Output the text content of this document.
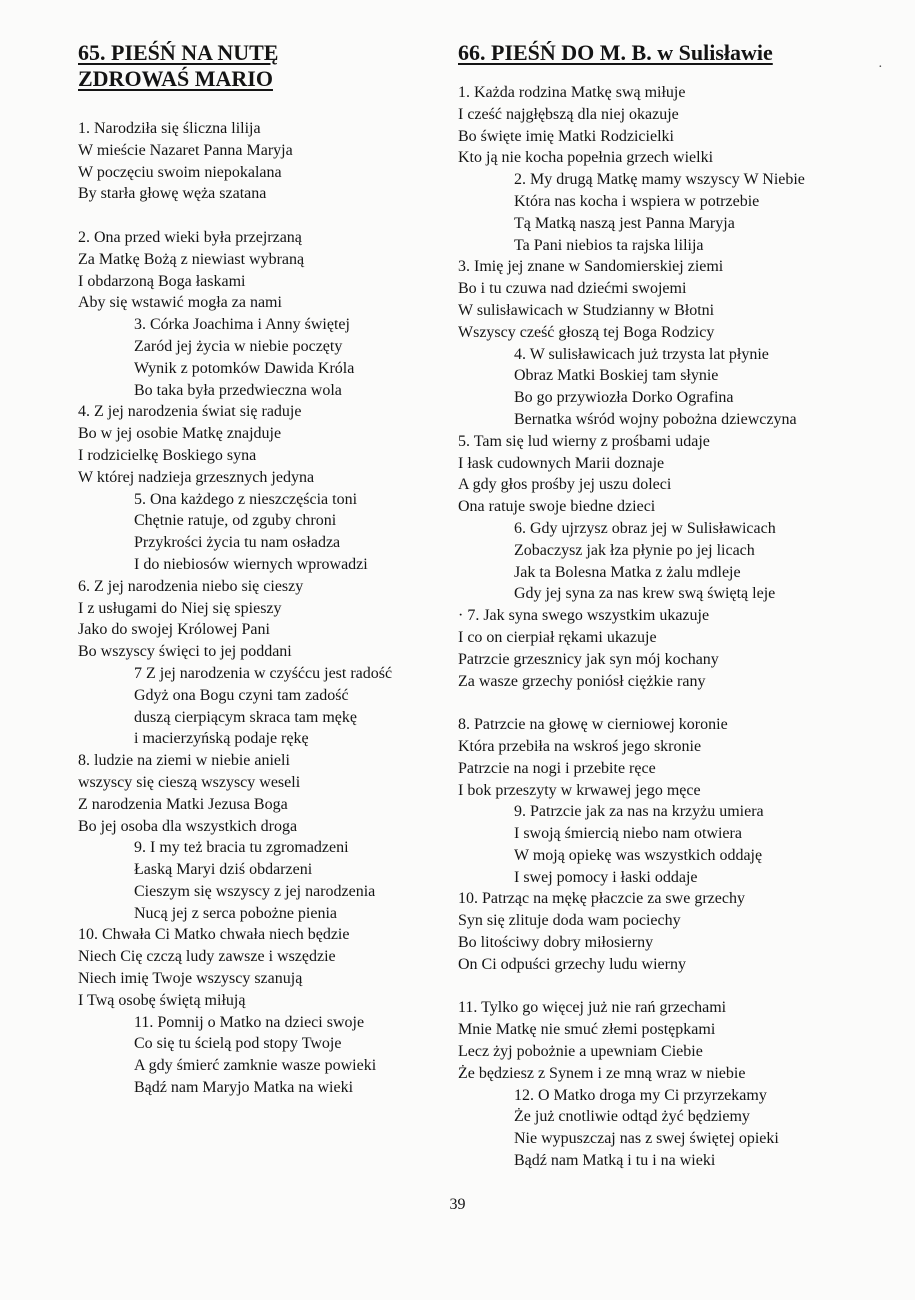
65. PIEŚŃ NA NUTĘ
ZDROWAŚ MARIO
1. Narodziła się śliczna lilija
W mieście Nazaret Panna Maryja
W poczęciu swoim niepokalana
By starła głowę węża szatana
2. Ona przed wieki była przejrzaną
Za Matkę Bożą z niewiast wybraną
I obdarzoną Boga łaskami
Aby się wstawić mogła za nami
3. Córka Joachima i Anny świętej
Zaród jej życia w niebie poczęty
Wynik z potomków Dawida Króla
Bo taka była przedwieczna wola
4. Z jej narodzenia świat się raduje
Bo w jej osobie Matkę znajduje
I rodzicielkę Boskiego syna
W której nadzieja grzesznych jedyna
5. Ona każdego z nieszczęścia toni
Chętnie ratuje, od zguby chroni
Przykrości życia tu nam osładza
I do niebiosów wiernych wprowadzi
6. Z jej narodzenia niebo się cieszy
I z usługami do Niej się spieszy
Jako do swojej Królowej Pani
Bo wszyscy święci to jej poddani
7 Z jej narodzenia w czyśćcu jest radość
Gdyż ona Bogu czyni tam zadość
duszą cierpiącym skraca tam mękę
i macierzyńską podaje rękę
8. ludzie na ziemi w niebie anieli
wszyscy się cieszą wszyscy weseli
Z narodzenia Matki Jezusa Boga
Bo jej osoba dla wszystkich droga
9. I my też bracia tu zgromadzeni
Łaską Maryi dziś obdarzeni
Cieszym się wszyscy z jej narodzenia
Nucą jej z serca pobożne pienia
10. Chwała Ci Matko chwała niech będzie
Niech Cię czczą ludy zawsze i wszędzie
Niech imię Twoje wszyscy szanują
I Twą osobę świętą miłują
11. Pomnij o Matko na dzieci swoje
Co się tu ścielą pod stopy Twoje
A gdy śmierć zamknie wasze powieki
Bądź nam Maryjo Matka na wieki
66. PIEŚŃ DO M. B. w Sulisławie
1. Każda rodzina Matkę swą miłuje
I cześć najgłębszą dla niej okazuje
Bo święte imię Matki Rodzicielki
Kto ją nie kocha popełnia grzech wielki
2. My drugą Matkę mamy wszyscy W Niebie
Która nas kocha i wspiera w potrzebie
Tą Matką naszą jest Panna Maryja
Ta Pani niebios ta rajska lilija
3. Imię jej znane w Sandomierskiej ziemi
Bo i tu czuwa nad dziećmi swojemi
W sulisławicach w Studzianny w Błotni
Wszyscy cześć głoszą tej Boga Rodzicy
4. W sulisławicach już trzysta lat płynie
Obraz Matki Boskiej tam słynie
Bo go przywiozła Dorko Ografina
Bernatka wśród wojny pobożna dziewczyna
5. Tam się lud wierny z prośbami udaje
I łask cudownych Marii doznaje
A gdy głos prośby jej uszu doleci
Ona ratuje swoje biedne dzieci
6. Gdy ujrzysz obraz jej w Sulisławicach
Zobaczysz jak łza płynie po jej licach
Jak ta Bolesna Matka z żalu mdleje
Gdy jej syna za nas krew swą świętą leje
· 7. Jak syna swego wszystkim ukazuje
I co on cierpiał rękami ukazuje
Patrzcie grzesznicy jak syn mój kochany
Za wasze grzechy poniósł ciężkie rany
8. Patrzcie na głowę w cierniowej koronie
Która przebiła na wskroś jego skronie
Patrzcie na nogi i przebite ręce
I bok przeszyty w krwawej jego męce
9. Patrzcie jak za nas na krzyżu umiera
I swoją śmiercią niebo nam otwiera
W moją opiekę was wszystkich oddaję
I swej pomocy i łaski oddaje
10. Patrząc na mękę płaczcie za swe grzechy
Syn się zlituje doda wam pociechy
Bo litościwy dobry miłosierny
On Ci odpuści grzechy ludu wierny
11. Tylko go więcej już nie rań grzechami
Mnie Matkę nie smuć złemi postępkami
Lecz żyj pobożnie a upewniam Ciebie
Że będziesz z Synem i ze mną wraz w niebie
12. O Matko droga my Ci przyrzekamy
Że już cnotliwie odtąd żyć będziemy
Nie wypuszczaj nas z swej świętej opieki
Bądź nam Matką i tu i na wieki
39
·
